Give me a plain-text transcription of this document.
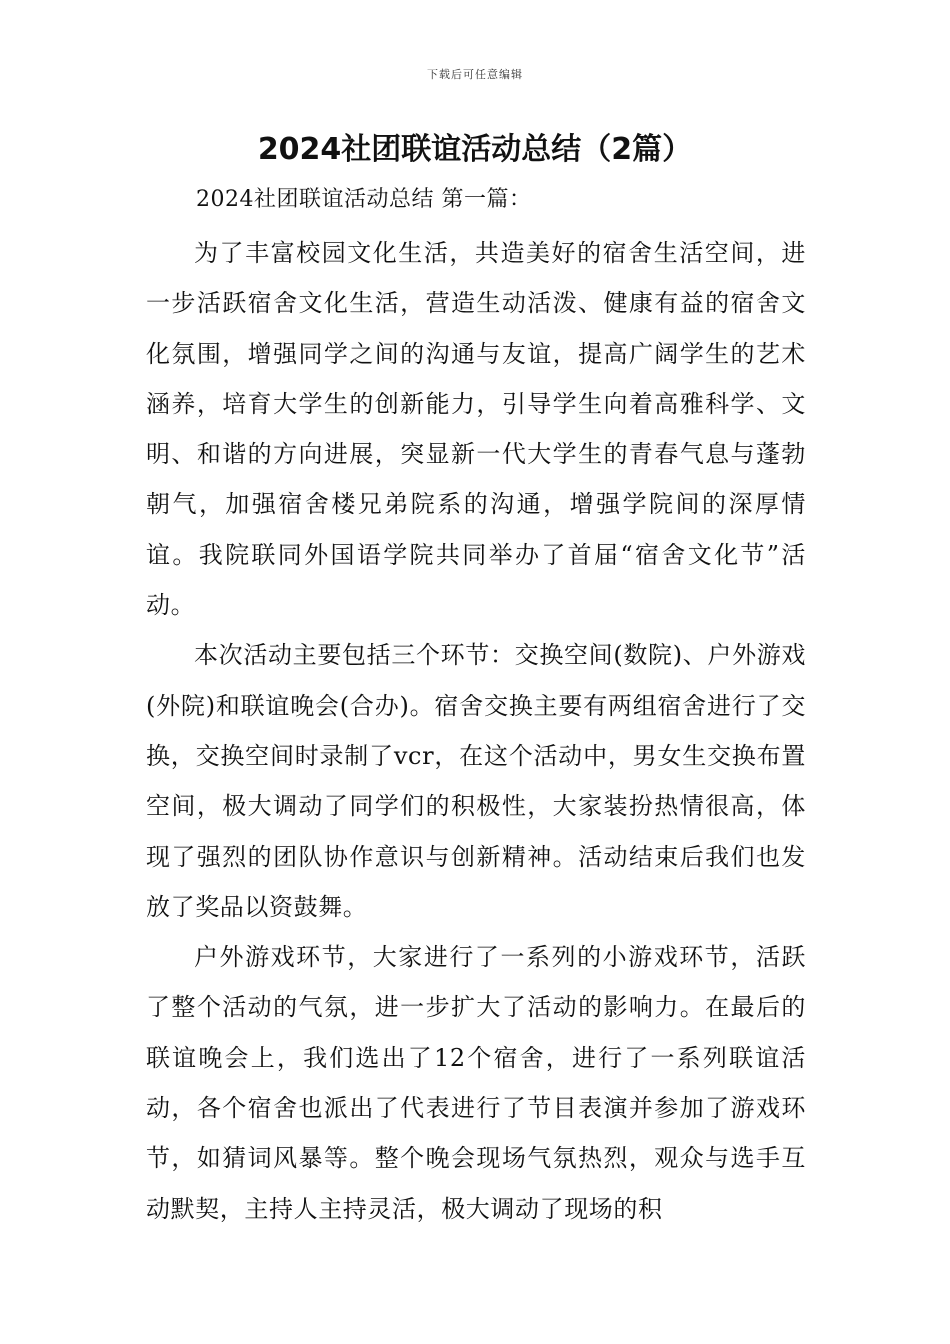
下载后可任意编辑
2024社团联谊活动总结（2篇）

2024社团联谊活动总结 第一篇：

为了丰富校园文化生活，共造美好的宿舍生活空间，进一步活跃宿舍文化生活，营造生动活泼、健康有益的宿舍文化氛围，增强同学之间的沟通与友谊，提高广阔学生的艺术涵养，培育大学生的创新能力，引导学生向着高雅科学、文明、和谐的方向进展，突显新一代大学生的青春气息与蓬勃朝气，加强宿舍楼兄弟院系的沟通，增强学院间的深厚情谊。我院联同外国语学院共同举办了首届“宿舍文化节”活动。

本次活动主要包括三个环节：交换空间(数院)、户外游戏(外院)和联谊晚会(合办)。宿舍交换主要有两组宿舍进行了交换，交换空间时录制了vcr，在这个活动中，男女生交换布置空间，极大调动了同学们的积极性，大家装扮热情很高，体现了强烈的团队协作意识与创新精神。活动结束后我们也发放了奖品以资鼓舞。

户外游戏环节，大家进行了一系列的小游戏环节，活跃了整个活动的气氛，进一步扩大了活动的影响力。在最后的联谊晚会上，我们选出了12个宿舍，进行了一系列联谊活动，各个宿舍也派出了代表进行了节目表演并参加了游戏环节，如猜词风暴等。整个晚会现场气氛热烈，观众与选手互动默契，主持人主持灵活，极大调动了现场的积
